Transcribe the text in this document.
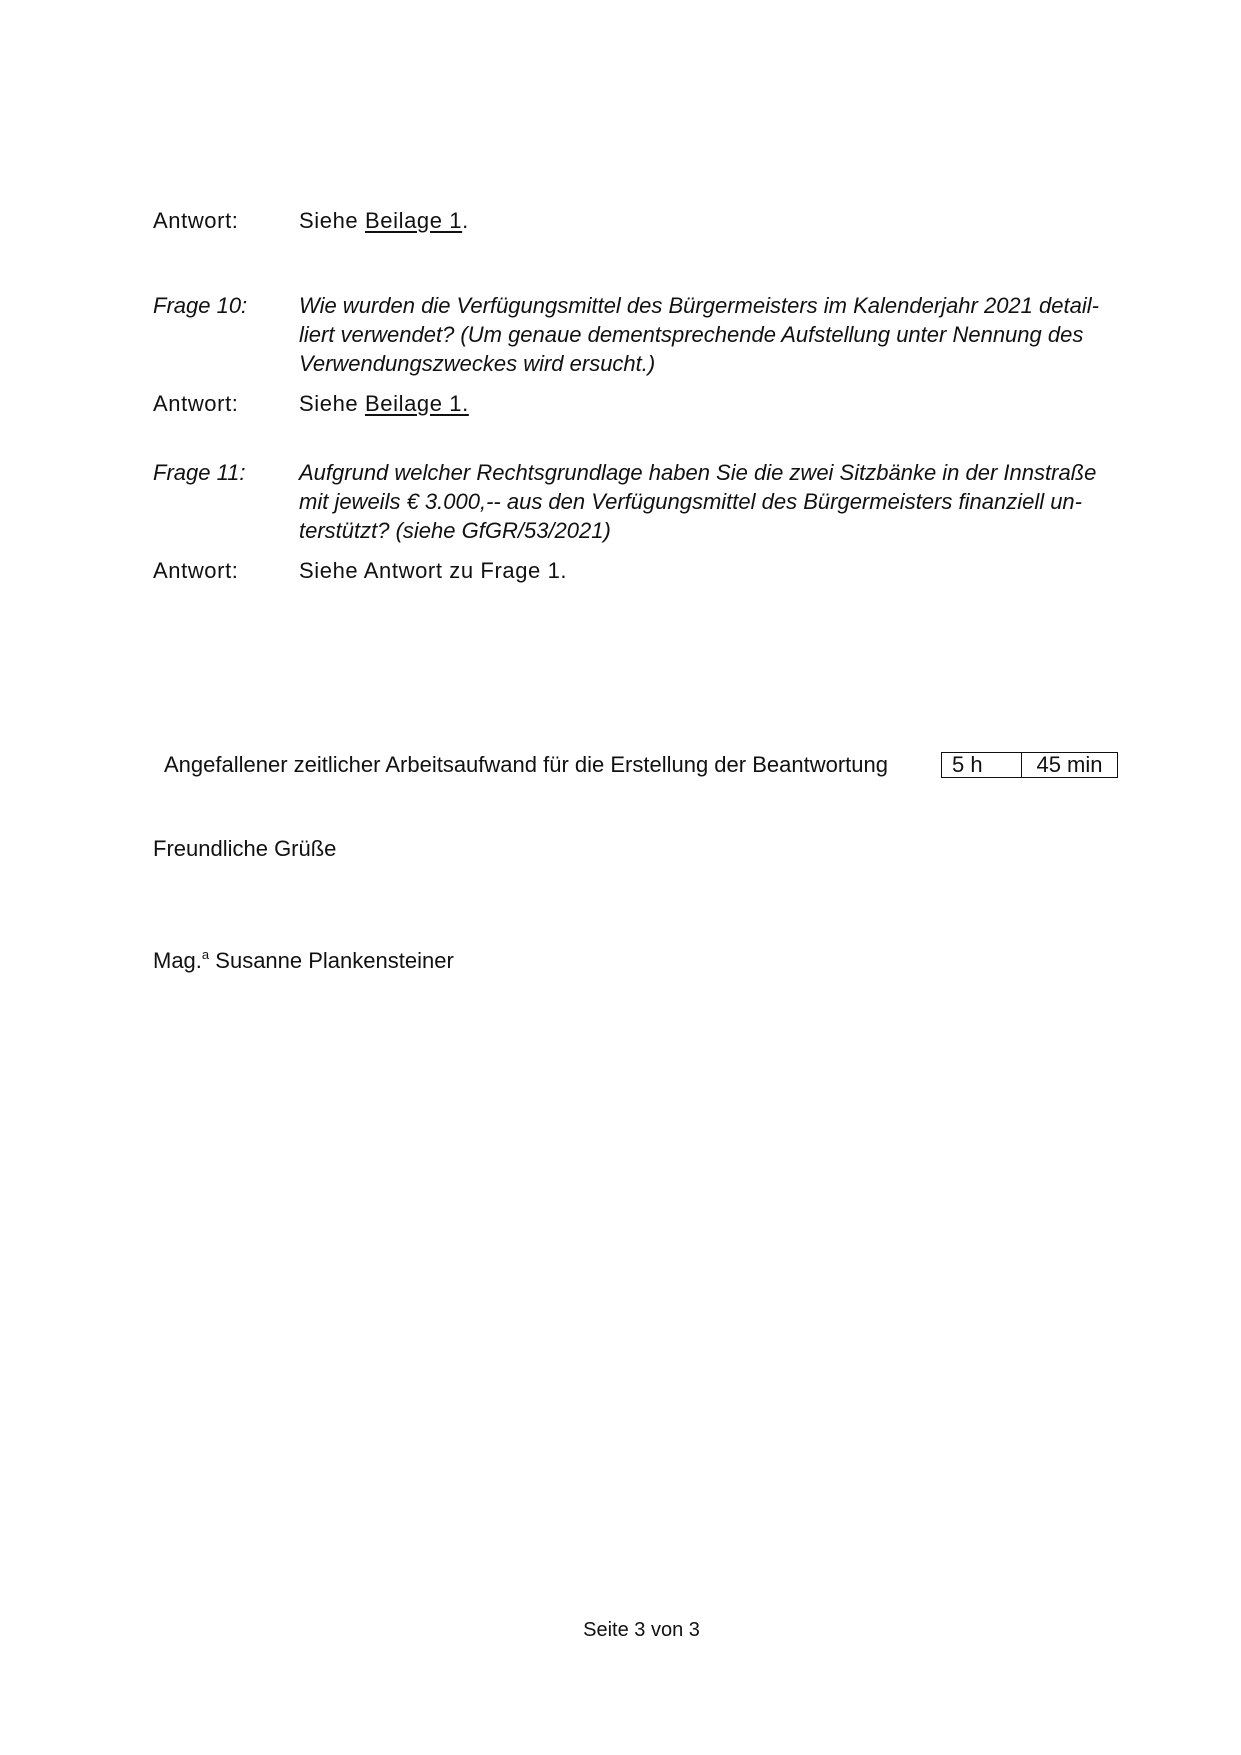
Antwort:	Siehe Beilage 1.
Frage 10:	Wie wurden die Verfügungsmittel des Bürgermeisters im Kalenderjahr 2021 detail-
liert verwendet? (Um genaue dementsprechende Aufstellung unter Nennung des
Verwendungszweckes wird ersucht.)
Antwort:	Siehe Beilage 1.
Frage 11:	Aufgrund welcher Rechtsgrundlage haben Sie die zwei Sitzbänke in der Innstraße
mit jeweils € 3.000,-- aus den Verfügungsmittel des Bürgermeisters finanziell un-
terstützt? (siehe GfGR/53/2021)
Antwort:	Siehe Antwort zu Frage 1.
Angefallener zeitlicher Arbeitsaufwand für die Erstellung der Beantwortung	5 h	45 min
Freundliche Grüße
Mag.$^a$ Susanne Plankensteiner
Seite 3 von 3
